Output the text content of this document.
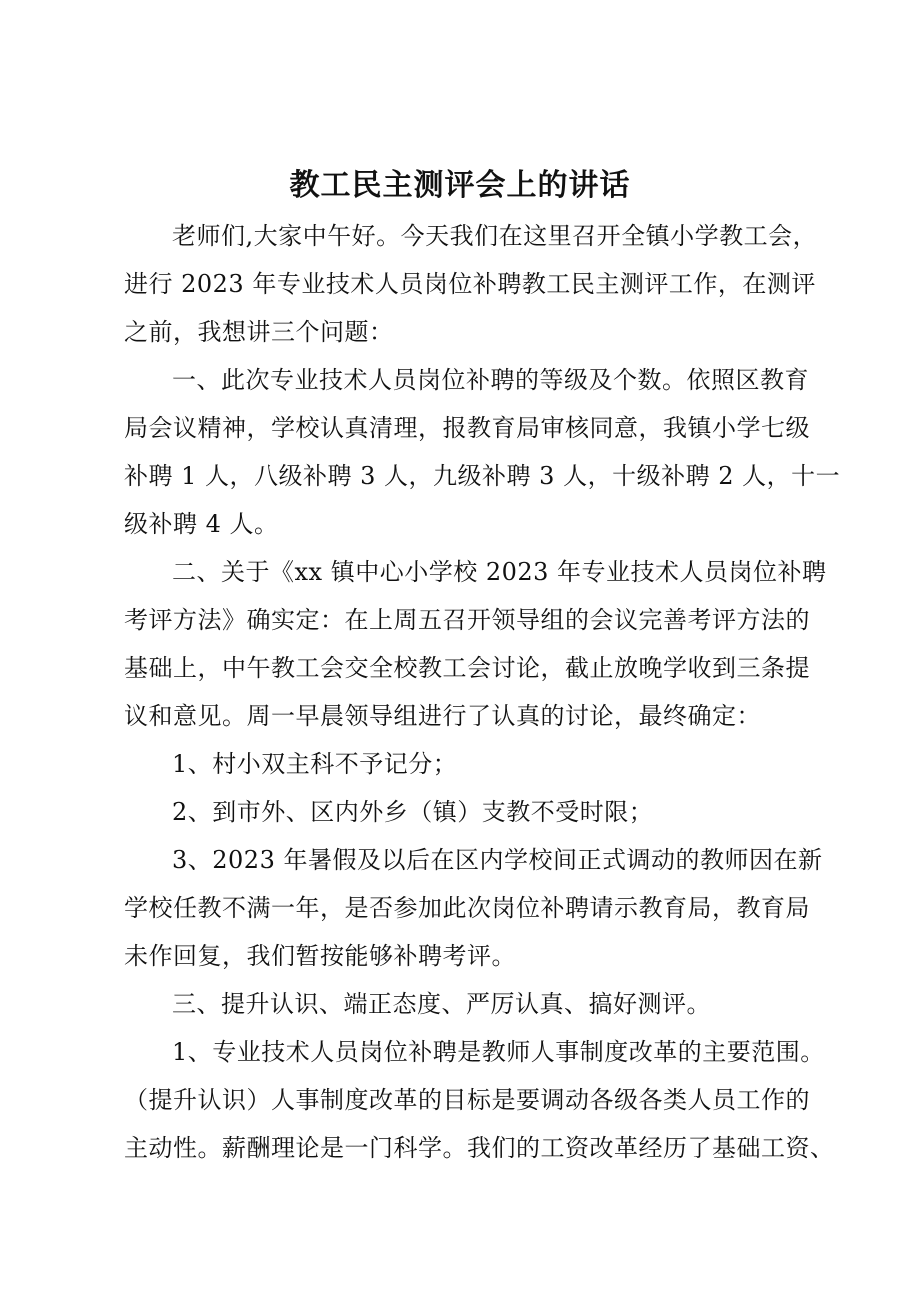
教工民主测评会上的讲话
老师们,大家中午好。今天我们在这里召开全镇小学教工会，
进行 2023 年专业技术人员岗位补聘教工民主测评工作，在测评
之前，我想讲三个问题：
一、此次专业技术人员岗位补聘的等级及个数。依照区教育
局会议精神，学校认真清理，报教育局审核同意，我镇小学七级
补聘 1 人，八级补聘 3 人，九级补聘 3 人，十级补聘 2 人，十一
级补聘 4 人。
二、关于《xx 镇中心小学校 2023 年专业技术人员岗位补聘
考评方法》确实定：在上周五召开领导组的会议完善考评方法的
基础上，中午教工会交全校教工会讨论，截止放晚学收到三条提
议和意见。周一早晨领导组进行了认真的讨论，最终确定：
1、村小双主科不予记分；
2、到市外、区内外乡（镇）支教不受时限；
3、2023 年暑假及以后在区内学校间正式调动的教师因在新
学校任教不满一年，是否参加此次岗位补聘请示教育局，教育局
未作回复，我们暂按能够补聘考评。
三、提升认识、端正态度、严厉认真、搞好测评。
1、专业技术人员岗位补聘是教师人事制度改革的主要范围。
（提升认识）人事制度改革的目标是要调动各级各类人员工作的
主动性。薪酬理论是一门科学。我们的工资改革经历了基础工资、
